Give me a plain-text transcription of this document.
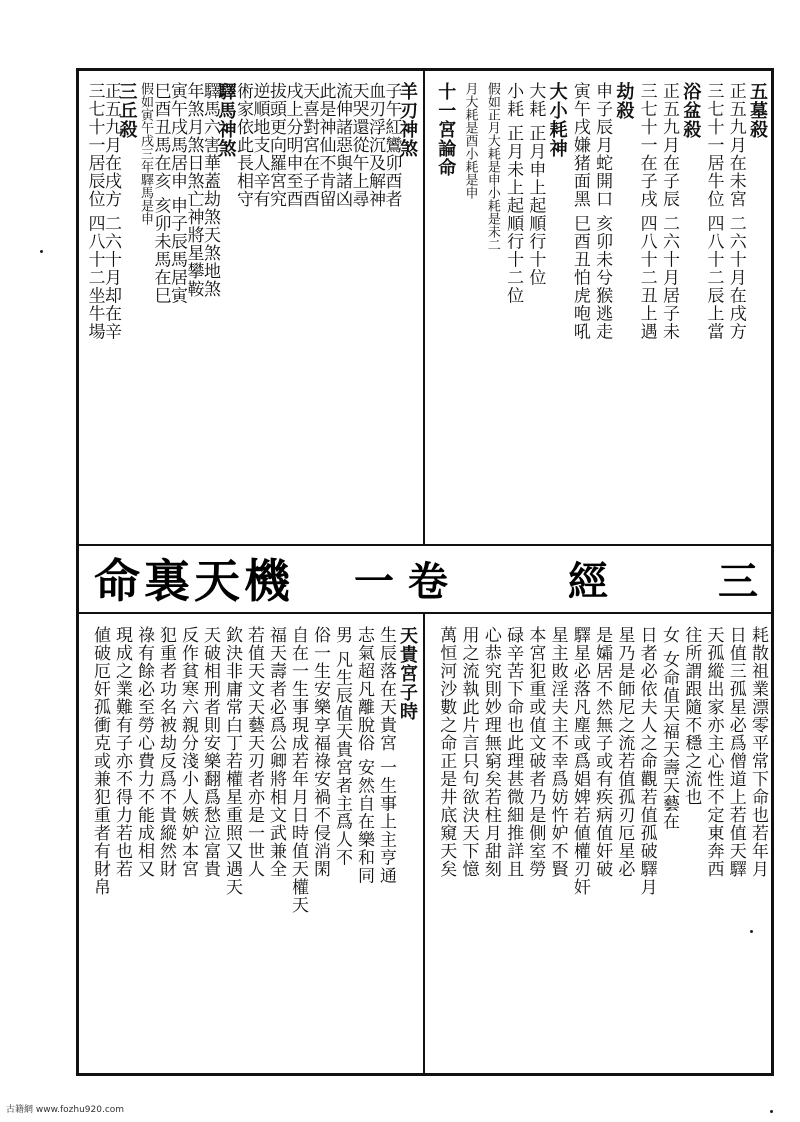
羊刃神煞
子午紅鸞卯酉者
血刃浮沉及解神
天哭還從午上尋
流伸諸惡與諸凶
此是神仙不肯留
天喜對宮在子酉
戌上分明申至酉
拔頭更向羅宮究
逆順地支人辛有
術家依此長相守
驛馬神煞
驛馬六害華蓋劫煞天煞地煞
年煞月煞日煞亡神將星攀鞍
寅午戌馬居申 申子辰馬居寅
巳酉丑馬在亥 亥卯未馬在巳
假如寅午戌三年驛馬是申
三丘殺
正五九月在戌方 二六十月却在辛
三七十一居辰位 四八十二坐牛場	五墓殺
正五九月在未宮 二六十月在戌方
三七十一居牛位 四八十二辰上當
浴盆殺
正五九月在子辰 二六十月居子未
三七十一在子戌 四八十二丑上遇
劫殺
申子辰月蛇開口 亥卯未兮猴逃走
寅午戌嫌猪面黑 巳酉丑怕虎咆吼
大小耗神
大耗 正月申上起順行十位
小耗 正月未上起順行十二位
假如正月大耗是申小耗是未二
月大耗是酉小耗是申
十一宮論命
天貴宮子時
生辰落在天貴宮 一生事上主亨通
志氣超凡離脫俗 安然自在樂和同
男 凡生辰值天貴宮者主爲人不
俗一生安樂享福祿安禍不侵消閑
自在一生事現成若年月日時值天權天
福天壽者必爲公卿將相文武兼全
若值天文天藝天刃者亦是一世人
欽決非庸常白丁若權星重照又遇天
天破相刑者則安樂翻爲愁泣富貴
反作貧寒六親分淺小人嫉妒本宮
犯重者功名被劫反爲不貴縱然財
祿有餘必至勞心費力不能成相又
現成之業難有子亦不得力若也若
値破厄奸孤衝克或兼犯重者有財帛	耗散祖業漂零平常下命也若年月
日值三孤星必爲僧道上若值天驛
天孤縱出家亦主心性不定東奔西
往所謂跟隨不穩之流也
女 女命值天福天壽天藝在
日者必依夫人之命觀若值孤破驛月
星乃是師尼之流若值孤刃厄星必
是孀居不然無子或有疾病值奸破
驛星必落凡塵或爲娼婢若値權刃奸
星主敗淫夫主不幸爲妨忤妒不賢
本宮犯重或值文破者乃是側室勞
碌辛苦下命也此理甚微細推詳且
心恭究則妙理無窮矣若柱月甜刻
用之流執此片言只句欲決天下憶
萬恒河沙數之命正是井底窺天矣
命裏天機 一 卷	經	三
古籍網 www.fozhu920.com
